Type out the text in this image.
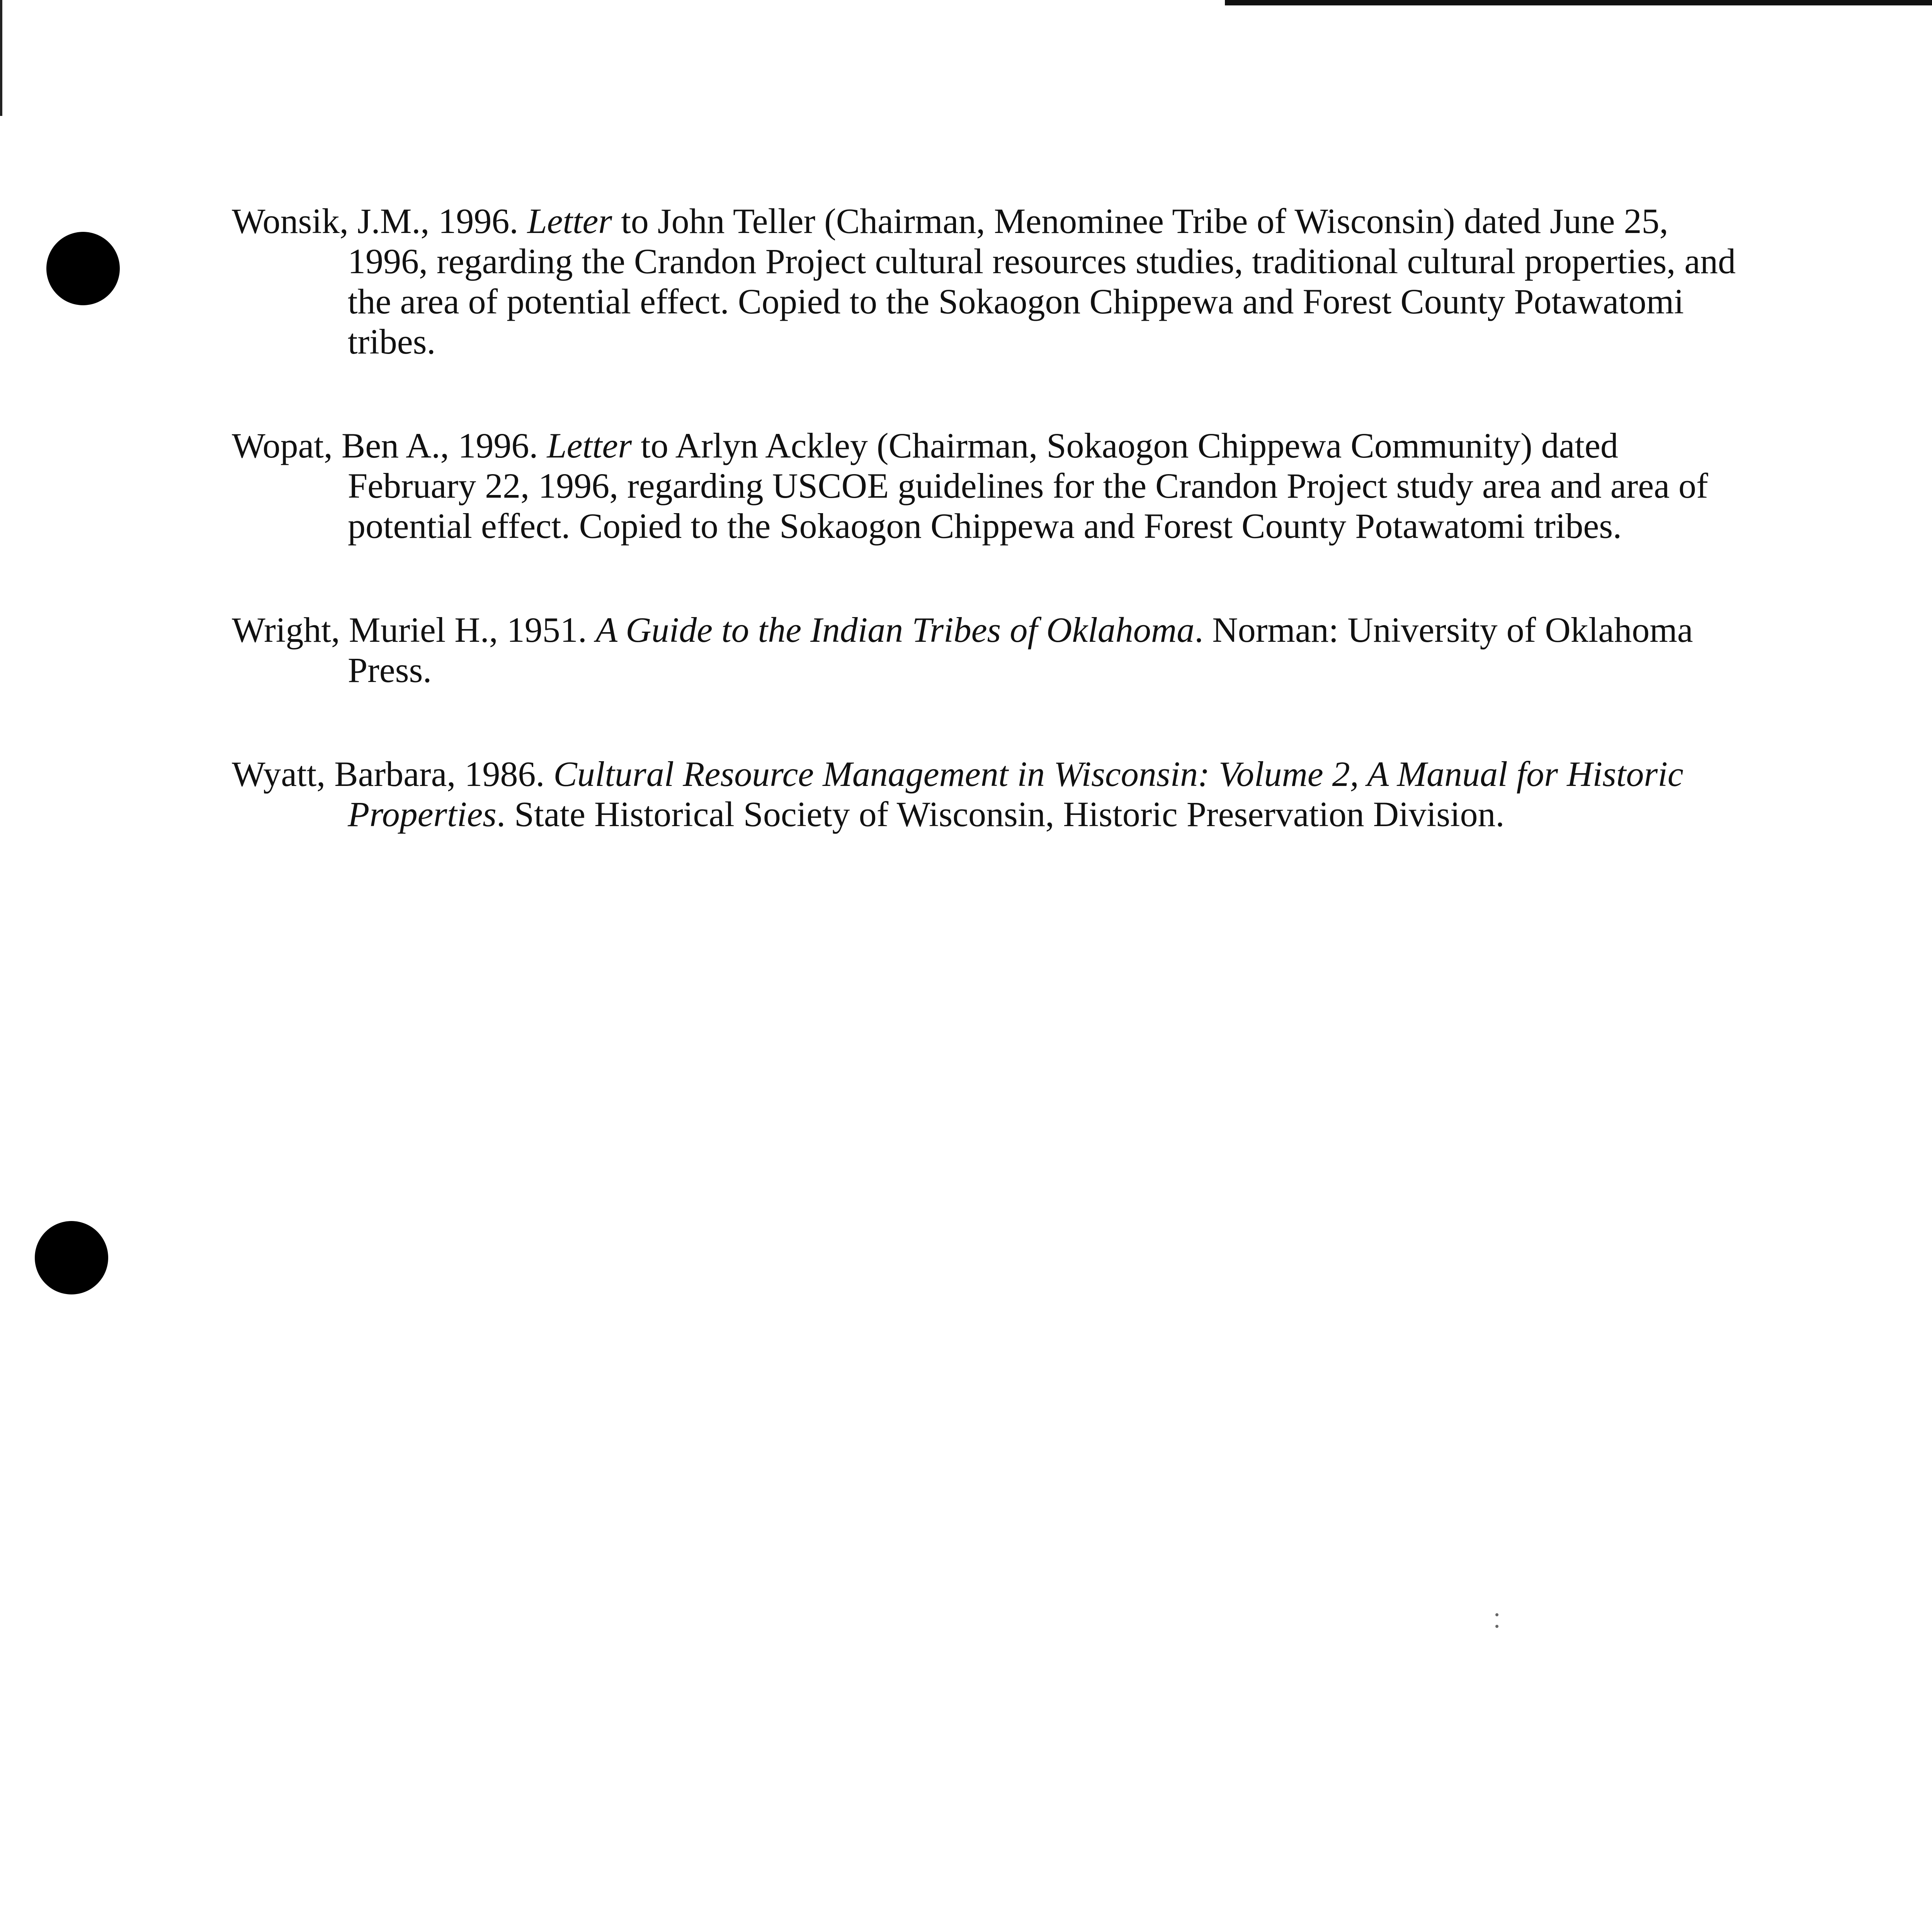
Wonsik, J.M., 1996. Letter to John Teller (Chairman, Menominee Tribe of Wisconsin) dated June 25, 1996, regarding the Crandon Project cultural resources studies, traditional cultural properties, and the area of potential effect. Copied to the Sokaogon Chippewa and Forest County Potawatomi tribes.

Wopat, Ben A., 1996. Letter to Arlyn Ackley (Chairman, Sokaogon Chippewa Community) dated February 22, 1996, regarding USCOE guidelines for the Crandon Project study area and area of potential effect. Copied to the Sokaogon Chippewa and Forest County Potawatomi tribes.

Wright, Muriel H., 1951. A Guide to the Indian Tribes of Oklahoma. Norman: University of Oklahoma Press.

Wyatt, Barbara, 1986. Cultural Resource Management in Wisconsin: Volume 2, A Manual for Historic Properties. State Historical Society of Wisconsin, Historic Preservation Division.
